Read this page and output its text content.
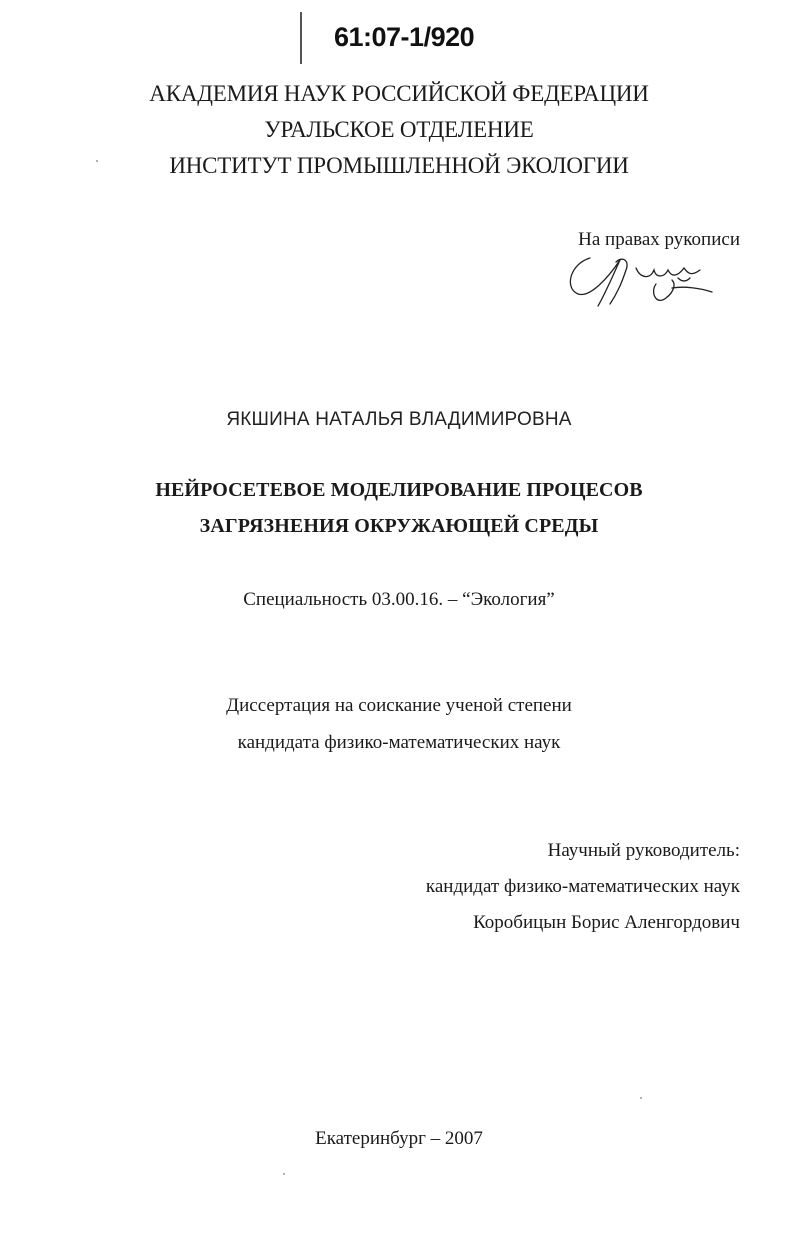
61:07-1/920
АКАДЕМИЯ НАУК РОССИЙСКОЙ ФЕДЕРАЦИИ
УРАЛЬСКОЕ ОТДЕЛЕНИЕ
ИНСТИТУТ ПРОМЫШЛЕННОЙ ЭКОЛОГИИ
На правах рукописи
ЯКШИНА НАТАЛЬЯ ВЛАДИМИРОВНА
НЕЙРОСЕТЕВОЕ МОДЕЛИРОВАНИЕ ПРОЦЕСОВ
ЗАГРЯЗНЕНИЯ ОКРУЖАЮЩЕЙ СРЕДЫ
Специальность 03.00.16. – “Экология”
Диссертация на соискание ученой степени
кандидата физико-математических наук
Научный руководитель:
кандидат физико-математических наук
Коробицын Борис Аленгордович
Екатеринбург – 2007
